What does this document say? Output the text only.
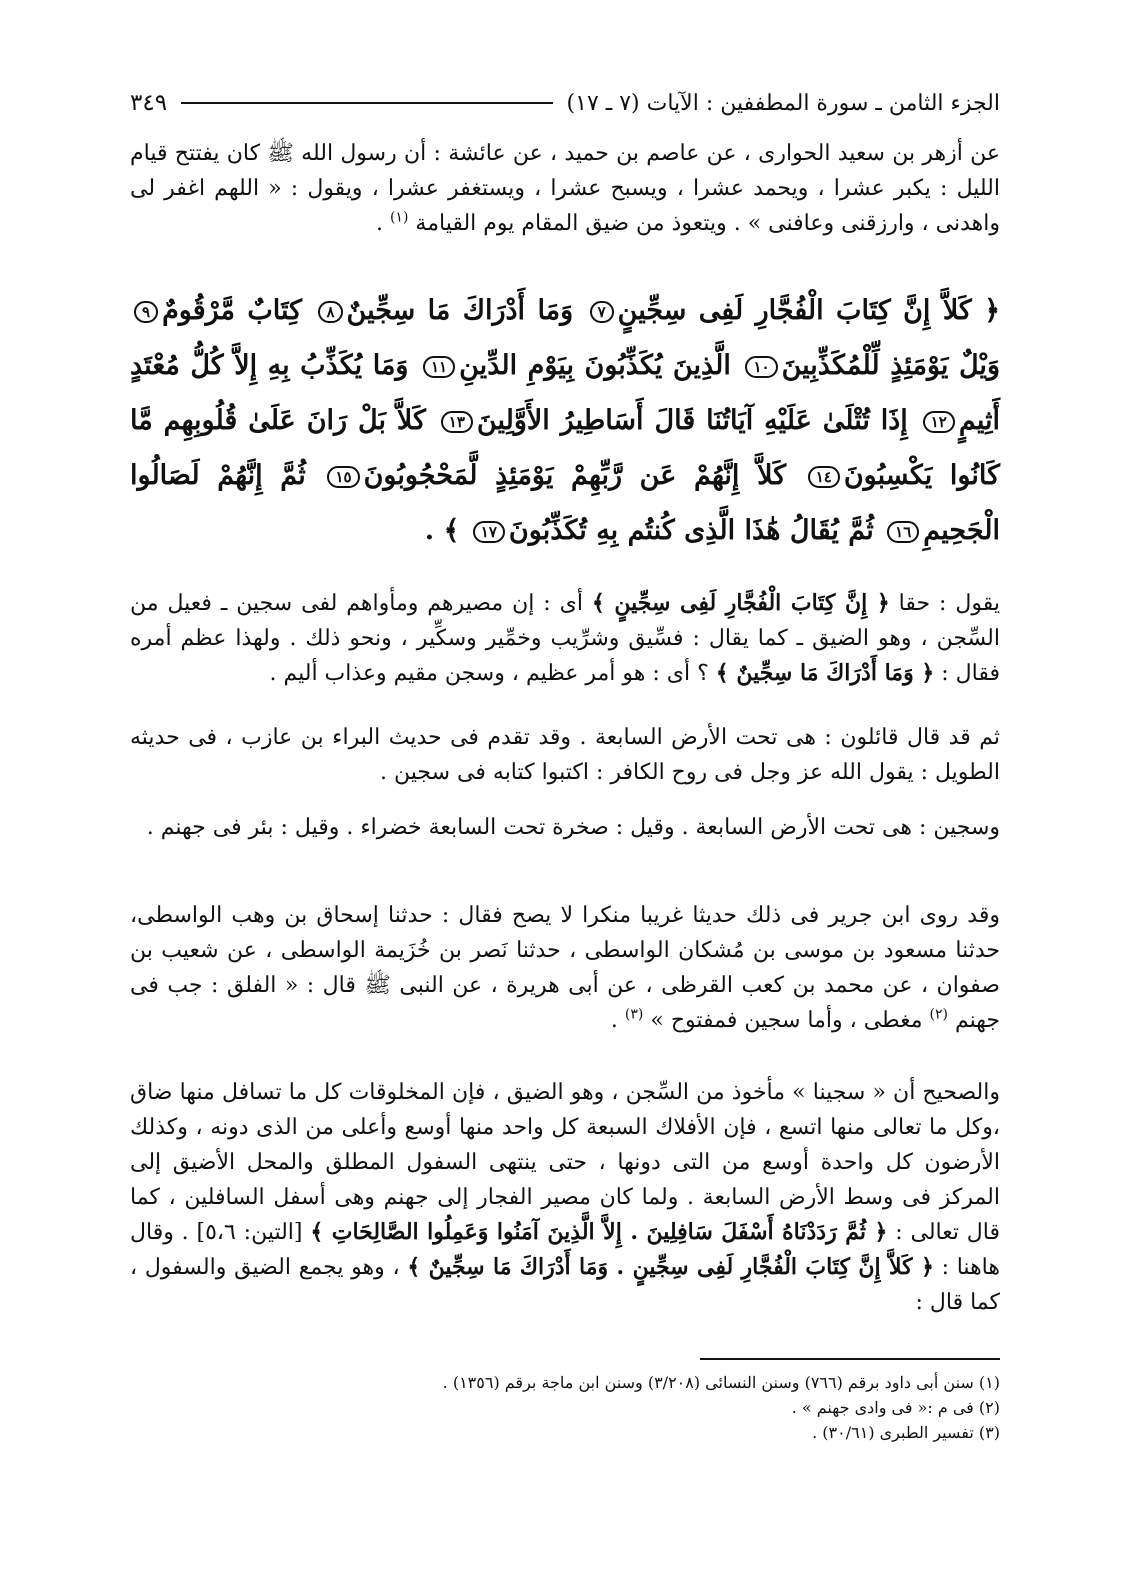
الجزء الثامن ـ سورة المطففين : الآيات (٧ ـ ١٧)
٣٤٩
عن أزهر بن سعيد الحوارى ، عن عاصم بن حميد ، عن عائشة : أن رسول الله ﷺ كان يفتتح قيام الليل : يكبر عشرا ، ويحمد عشرا ، ويسبح عشرا ، ويستغفر عشرا ، ويقول : « اللهم اغفر لى واهدنى ، وارزقنى وعافنى » . ويتعوذ من ضيق المقام يوم القيامة $^{(١)}$ .
﴿ كَلاَّ إِنَّ كِتَابَ الْفُجَّارِ لَفِى سِجِّينٍ٧ وَمَا أَدْرَاكَ مَا سِجِّينٌ٨ كِتَابٌ مَّرْقُومٌ٩ وَيْلٌ يَوْمَئِذٍ لِّلْمُكَذِّبِينَ١٠ الَّذِينَ يُكَذِّبُونَ بِيَوْمِ الدِّينِ١١ وَمَا يُكَذِّبُ بِهِ إِلاَّ كُلُّ مُعْتَدٍ أَثِيمٍ١٢ إِذَا تُتْلَىٰ عَلَيْهِ آيَاتُنَا قَالَ أَسَاطِيرُ الأَوَّلِينَ١٣ كَلاَّ بَلْ رَانَ عَلَىٰ قُلُوبِهِم مَّا كَانُوا يَكْسِبُونَ١٤ كَلاَّ إِنَّهُمْ عَن رَّبِّهِمْ يَوْمَئِذٍ لَّمَحْجُوبُونَ١٥ ثُمَّ إِنَّهُمْ لَصَالُوا الْجَحِيمِ١٦ ثُمَّ يُقَالُ هَٰذَا الَّذِى كُنتُم بِهِ تُكَذِّبُونَ١٧ ﴾ .
يقول : حقا ﴿ إِنَّ كِتَابَ الْفُجَّارِ لَفِى سِجِّينٍ ﴾ أى : إن مصيرهم ومأواهم لفى سجين ـ فعيل من السِّجن ، وهو الضيق ـ كما يقال : فسِّيق وشرِّيب وخمِّير وسكِّير ، ونحو ذلك . ولهذا عظم أمره فقال : ﴿ وَمَا أَدْرَاكَ مَا سِجِّينٌ ﴾ ؟ أى : هو أمر عظيم ، وسجن مقيم وعذاب أليم .
ثم قد قال قائلون : هى تحت الأرض السابعة . وقد تقدم فى حديث البراء بن عازب ، فى حديثه الطويل : يقول الله عز وجل فى روح الكافر : اكتبوا كتابه فى سجين .
وسجين : هى تحت الأرض السابعة . وقيل : صخرة تحت السابعة خضراء . وقيل : بئر فى جهنم .
وقد روى ابن جرير فى ذلك حديثا غريبا منكرا لا يصح فقال : حدثنا إسحاق بن وهب الواسطى، حدثنا مسعود بن موسى بن مُشكان الواسطى ، حدثنا نَصر بن خُزَيمة الواسطى ، عن شعيب بن صفوان ، عن محمد بن كعب القرظى ، عن أبى هريرة ، عن النبى ﷺ قال : « الفلق : جب فى جهنم $^{(٢)}$ مغطى ، وأما سجين فمفتوح » $^{(٣)}$ .
والصحيح أن « سجينا » مأخوذ من السِّجن ، وهو الضيق ، فإن المخلوقات كل ما تسافل منها ضاق ،وكل ما تعالى منها اتسع ، فإن الأفلاك السبعة كل واحد منها أوسع وأعلى من الذى دونه ، وكذلك الأرضون كل واحدة أوسع من التى دونها ، حتى ينتهى السفول المطلق والمحل الأضيق إلى المركز فى وسط الأرض السابعة . ولما كان مصير الفجار إلى جهنم وهى أسفل السافلين ، كما قال تعالى : ﴿ ثُمَّ رَدَدْنَاهُ أَسْفَلَ سَافِلِينَ . إِلاَّ الَّذِينَ آمَنُوا وَعَمِلُوا الصَّالِحَاتِ ﴾ [التين: ٥،٦] . وقال هاهنا : ﴿ كَلاَّ إِنَّ كِتَابَ الْفُجَّارِ لَفِى سِجِّينٍ . وَمَا أَدْرَاكَ مَا سِجِّينٌ ﴾ ، وهو يجمع الضيق والسفول ، كما قال :
(١) سنن أبى داود برقم (٧٦٦) وسنن النسائى (٣/٢٠٨) وسنن ابن ماجة برقم (١٣٥٦) .
(٢) فى م :« فى وادى جهنم » .
(٣) تفسير الطبرى (٣٠/٦١) .
